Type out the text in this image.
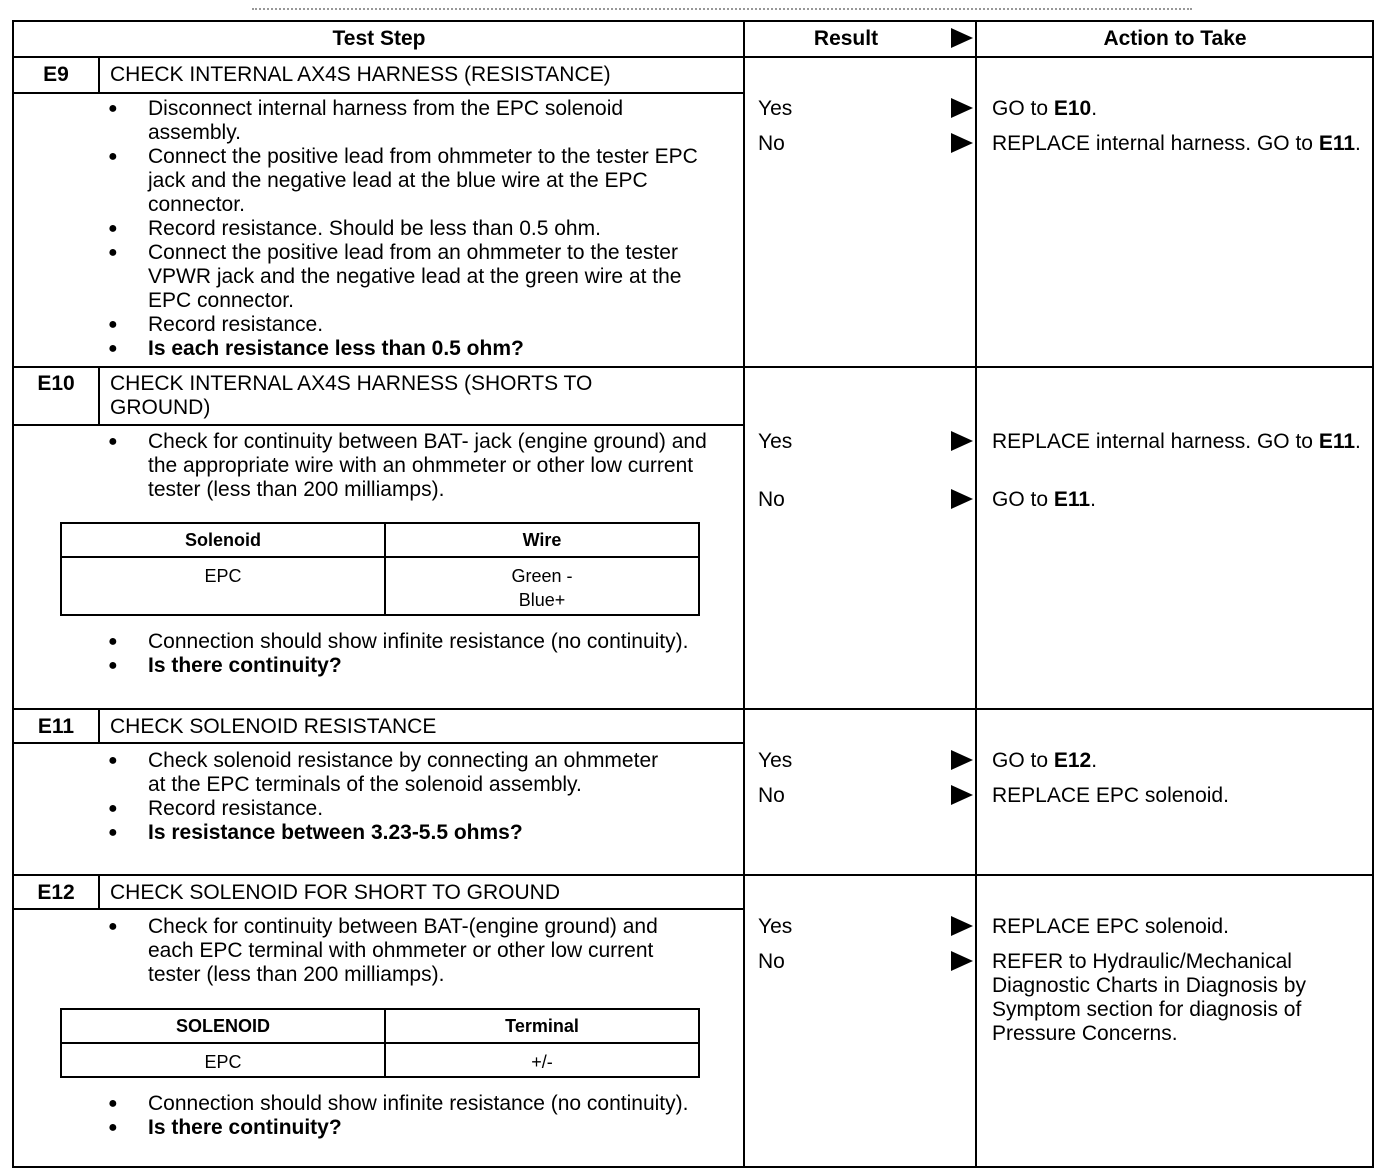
Test Step	Result	Action to Take
E9	CHECK INTERNAL AX4S HARNESS (RESISTANCE)
● Disconnect internal harness from the EPC solenoid assembly.
● Connect the positive lead from ohmmeter to the tester EPC jack and the negative lead at the blue wire at the EPC connector.
● Record resistance. Should be less than 0.5 ohm.
● Connect the positive lead from an ohmmeter to the tester VPWR jack and the negative lead at the green wire at the EPC connector.
● Record resistance.
● Is each resistance less than 0.5 ohm?
Yes	GO to E10.
No	REPLACE internal harness. GO to E11.
E10	CHECK INTERNAL AX4S HARNESS (SHORTS TO GROUND)
● Check for continuity between BAT- jack (engine ground) and the appropriate wire with an ohmmeter or other low current tester (less than 200 milliamps).
Solenoid	Wire
EPC	Green -
Blue+
● Connection should show infinite resistance (no continuity).
● Is there continuity?
Yes	REPLACE internal harness. GO to E11.
No	GO to E11.
E11	CHECK SOLENOID RESISTANCE
● Check solenoid resistance by connecting an ohmmeter at the EPC terminals of the solenoid assembly.
● Record resistance.
● Is resistance between 3.23-5.5 ohms?
Yes	GO to E12.
No	REPLACE EPC solenoid.
E12	CHECK SOLENOID FOR SHORT TO GROUND
● Check for continuity between BAT-(engine ground) and each EPC terminal with ohmmeter or other low current tester (less than 200 milliamps).
SOLENOID	Terminal
EPC	+/-
● Connection should show infinite resistance (no continuity).
● Is there continuity?
Yes	REPLACE EPC solenoid.
No	REFER to Hydraulic/Mechanical Diagnostic Charts in Diagnosis by Symptom section for diagnosis of Pressure Concerns.
